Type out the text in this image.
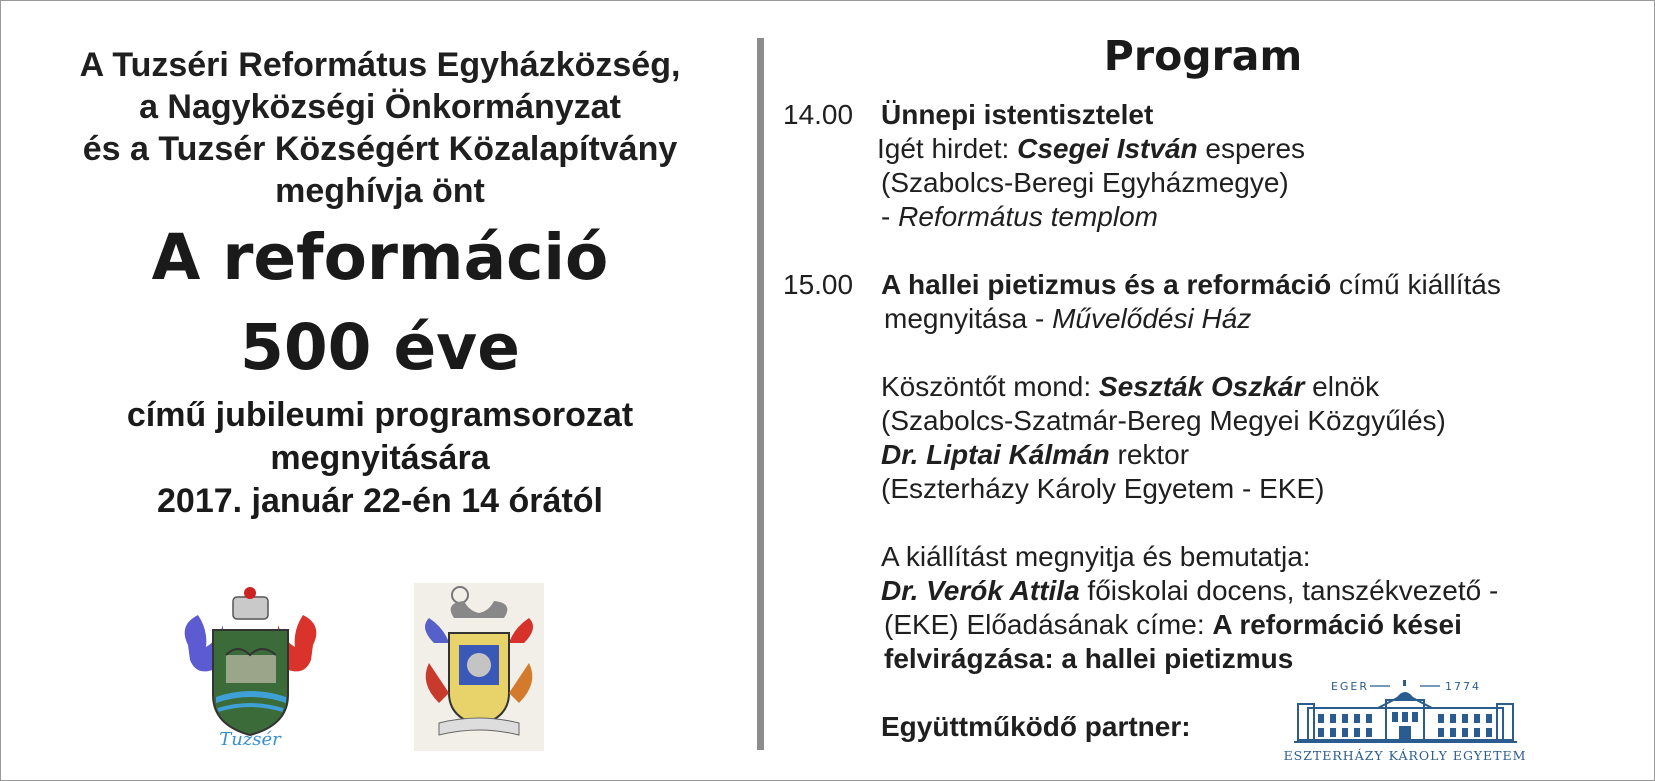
A Tuzséri Református Egyházközség,

a Nagyközségi Önkormányzat

és a Tuzsér Községért Közalapítvány

meghívja önt

A reformáció
500 éve

című jubileumi programsorozat

megnyitására

2017. január 22-én 14 órától

Tuzsér
Program
14.00 Ünnepi istentisztelet
Igét hirdet: Csegei István esperes
(Szabolcs-Beregi Egyházmegye)
- Református templom
15.00 A hallei pietizmus és a reformáció című kiállítás
megnyitása - Művelődési Ház
Köszöntőt mond: Seszták Oszkár elnök
(Szabolcs-Szatmár-Bereg Megyei Közgyűlés)
Dr. Liptai Kálmán rektor
(Eszterházy Károly Egyetem - EKE)
A kiállítást megnyitja és bemutatja:
Dr. Verók Attila főiskolai docens, tanszékvezető -
(EKE) Előadásának címe: A reformáció kései
felvirágzása: a hallei pietizmus
Együttműködő partner:
EGER	1774
ESZTERHÁZY KÁROLY EGYETEM
